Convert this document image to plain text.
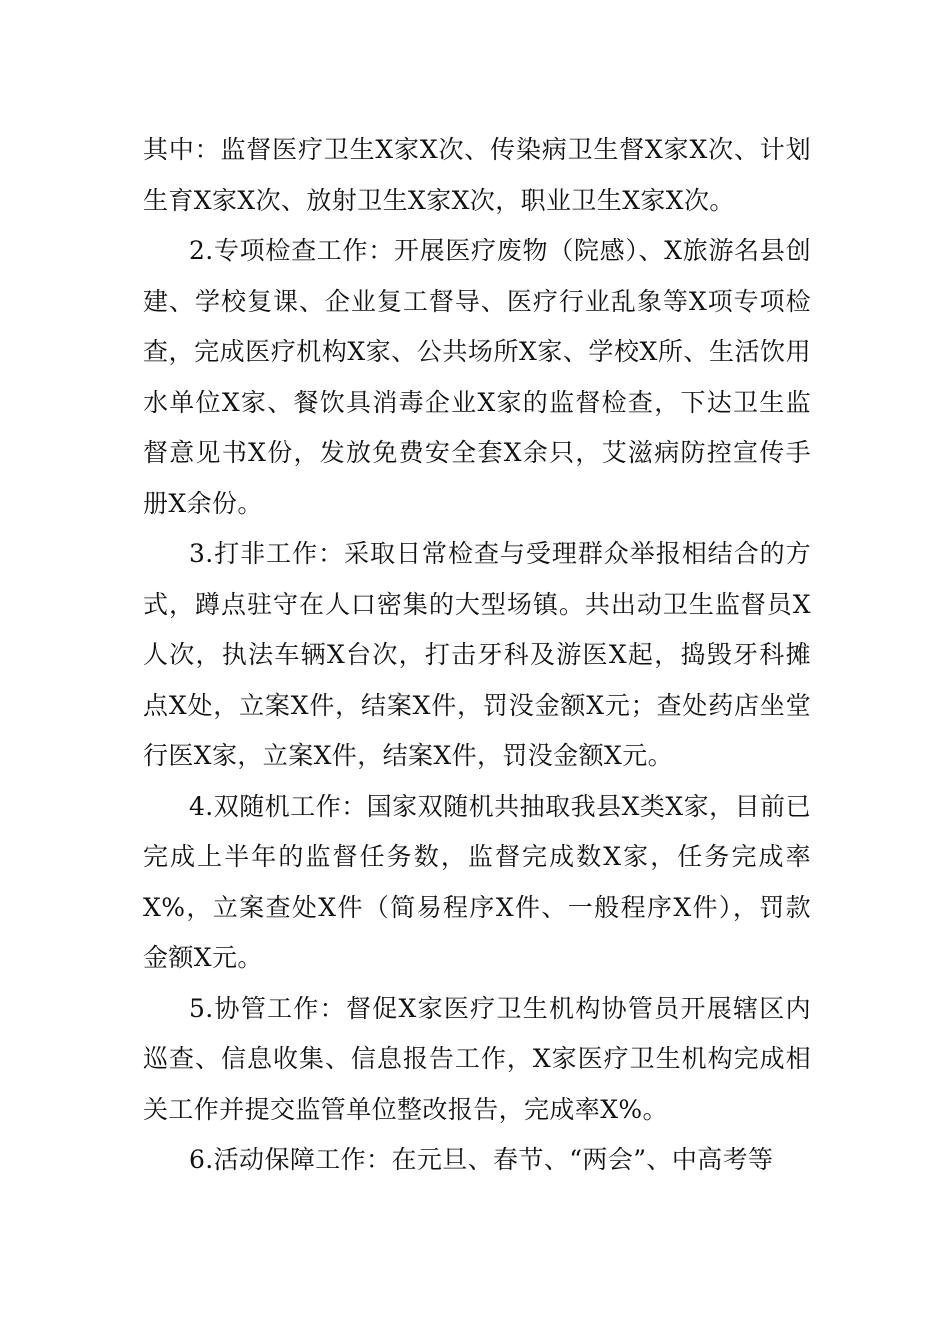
其中：监督医疗卫生X家X次、传染病卫生督X家X次、计划生育X家X次、放射卫生X家X次，职业卫生X家X次。

2.专项检查工作：开展医疗废物（院感）、X旅游名县创建、学校复课、企业复工督导、医疗行业乱象等X项专项检查，完成医疗机构X家、公共场所X家、学校X所、生活饮用水单位X家、餐饮具消毒企业X家的监督检查，下达卫生监督意见书X份，发放免费安全套X余只，艾滋病防控宣传手册X余份。

3.打非工作：采取日常检查与受理群众举报相结合的方式，蹲点驻守在人口密集的大型场镇。共出动卫生监督员X人次，执法车辆X台次，打击牙科及游医X起，捣毁牙科摊点X处，立案X件，结案X件，罚没金额X元；查处药店坐堂行医X家，立案X件，结案X件，罚没金额X元。

4.双随机工作：国家双随机共抽取我县X类X家，目前已完成上半年的监督任务数，监督完成数X家，任务完成率X%，立案查处X件（简易程序X件、一般程序X件），罚款金额X元。

5.协管工作：督促X家医疗卫生机构协管员开展辖区内巡查、信息收集、信息报告工作，X家医疗卫生机构完成相关工作并提交监管单位整改报告，完成率X%。

6.活动保障工作：在元旦、春节、“两会”、中高考等
